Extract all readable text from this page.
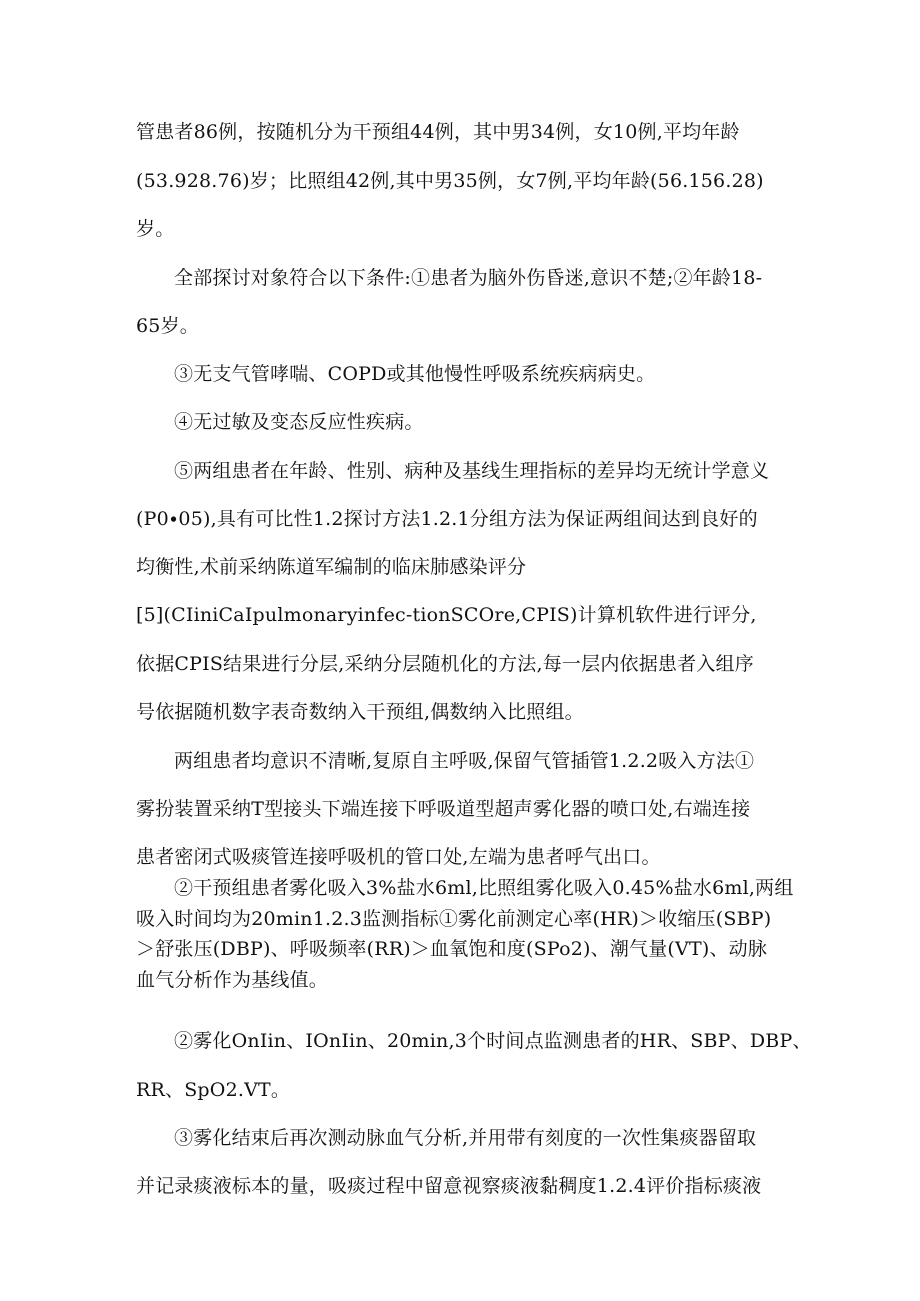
管患者86例，按随机分为干预组44例，其中男34例，女10例,平均年龄
(53.928.76)岁；比照组42例,其中男35例，女7例,平均年龄(56.156.28)
岁。
全部探讨对象符合以下条件:①患者为脑外伤昏迷,意识不楚;②年龄18-
65岁。
③无支气管哮喘、COPD或其他慢性呼吸系统疾病病史。
④无过敏及变态反应性疾病。
⑤两组患者在年龄、性别、病种及基线生理指标的差异均无统计学意义
(P0∙05),具有可比性1.2探讨方法1.2.1分组方法为保证两组间达到良好的
均衡性,术前采纳陈道军编制的临床肺感染评分
[5](CIiniCaIpulmonaryinfec-tionSCOre,CPIS)计算机软件进行评分,
依据CPIS结果进行分层,采纳分层随机化的方法,每一层内依据患者入组序
号依据随机数字表奇数纳入干预组,偶数纳入比照组。
两组患者均意识不清晰,复原自主呼吸,保留气管插管1.2.2吸入方法①
雾扮装置采纳T型接头下端连接下呼吸道型超声雾化器的喷口处,右端连接
患者密闭式吸痰管连接呼吸机的管口处,左端为患者呼气出口。
②干预组患者雾化吸入3%盐水6ml,比照组雾化吸入0.45%盐水6ml,两组
吸入时间均为20min1.2.3监测指标①雾化前测定心率(HR)＞收缩压(SBP)
＞舒张压(DBP)、呼吸频率(RR)＞血氧饱和度(SPo2)、潮气量(VT)、动脉
血气分析作为基线值。
②雾化OnIin、IOnIin、20min,3个时间点监测患者的HR、SBP、DBP、
RR、SpO2.VT。
③雾化结束后再次测动脉血气分析,并用带有刻度的一次性集痰器留取
并记录痰液标本的量，吸痰过程中留意视察痰液黏稠度1.2.4评价指标痰液
